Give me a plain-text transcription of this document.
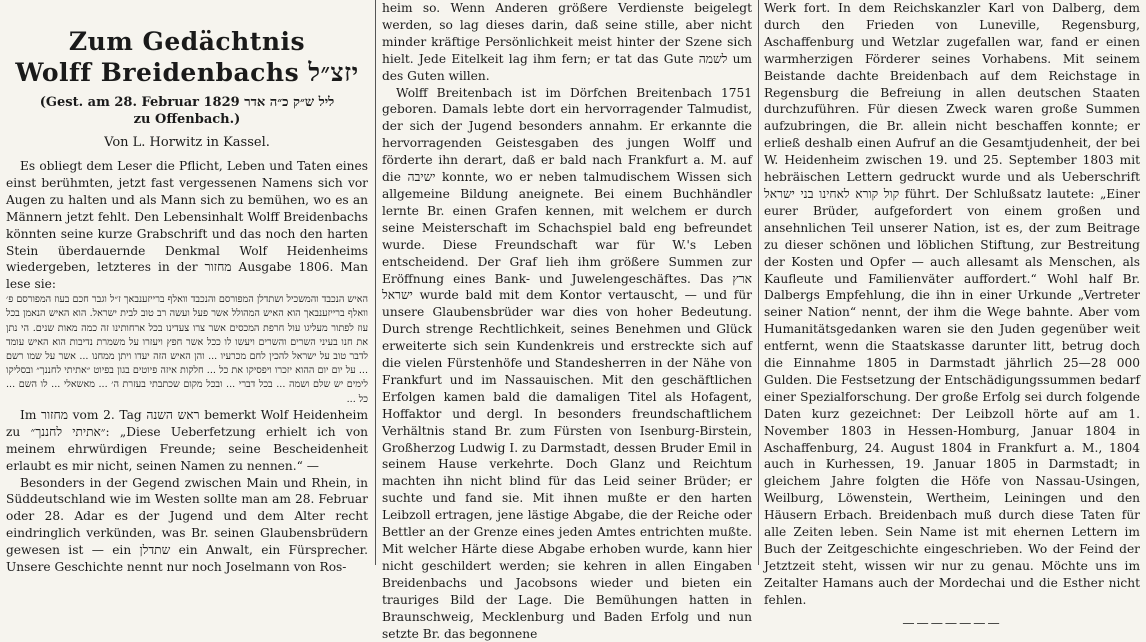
Zum Gedächtnis
Wolff Breidenbachs יזצ״ל
(Gest. am 28. Februar 1829 ליל ש״ק כ״ה אדר
zu Offenbach.)
Von L. Horwitz in Kassel.

Es obliegt dem Leser die Pflicht, Leben und Taten eines einst berühmten, jetzt fast vergessenen Namens sich vor Augen zu halten und als Mann sich zu bemühen, wo es an Männern jetzt fehlt. Den Lebensinhalt Wolff Breidenbachs könnten seine kurze Grabschrift und das noch den harten Stein überdauernde Denkmal Wolf Heidenheims wiedergeben, letzteres in der מחזור Ausgabe 1806. Man lese sie:

האיש הנכבד והמשכיל ושתדלן המפורסם והנכבד וואלף ברייזענבאך ז״ל וגבר חכם בעוז המפורסם פ׳ וואלף ברייזענבאך הוא האיש המהולל אשר פעל ועשה רב טוב לבית ישראל. הוא האיש הנאמן בכל עוז לפתור מעליגו עול חרפת המכסים אשר צרו צעדינו בכל ארחותינו זה כמה מאות שנים. הי נתן את חנו בעיני השרים והשרים ויעשו לו ככל אשר חפץ ויעזרו על משמרת נדיבות הוא האיש עומד לדבר טוב על ישראל להכין לחם מכרעיו ... והן האיש הזה יעדו ויתן ממחנו ... אשר על שמו רשם ... על יום יום ההוא יזכרו ויפסיקו את כל ... חלקות איזה פיוטים בגון בפיוט ״אתיתי לחננך״ ובסליקו לימים יש שלם ושמה ... בכל דברי ... ובכל מקום שכתבתי בעזרת ה׳ ... מאשאלי ... לו השם ... כל ...

Im מחזור vom 2. Tag ראש השנה bemerkt Wolf Heidenheim zu ״אתיתי לחננך״: „Diese Ueberfetzung erhielt ich von meinem ehrwürdigen Freunde; seine Bescheidenheit erlaubt es mir nicht, seinen Namen zu nennen.“ —

Besonders in der Gegend zwischen Main und Rhein, in Süddeutschland wie im Westen sollte man am 28. Februar oder 28. Adar es der Jugend und dem Alter recht eindringlich verkünden, was Br. seinen Glaubensbrüdern gewesen ist — ein שתדלן ein Anwalt, ein Fürsprecher. Unsere Geschichte nennt nur noch Joselmann von Ros-

heim so. Wenn Anderen größere Verdienste beigelegt werden, so lag dieses darin, daß seine stille, aber nicht minder kräftige Persönlichkeit meist hinter der Szene sich hielt. Jede Eitelkeit lag ihm fern; er tat das Gute לשמה um des Guten willen.

Wolff Breitenbach ist im Dörfchen Breitenbach 1751 geboren. Damals lebte dort ein hervorragender Talmudist, der sich der Jugend besonders annahm. Er erkannte die hervorragenden Geistesgaben des jungen Wolff und förderte ihn derart, daß er bald nach Frankfurt a. M. auf die ישיבה konnte, wo er neben talmudischem Wissen sich allgemeine Bildung aneignete. Bei einem Buchhändler lernte Br. einen Grafen kennen, mit welchem er durch seine Meisterschaft im Schachspiel bald eng befreundet wurde. Diese Freundschaft war für W.'s Leben entscheidend. Der Graf lieh ihm größere Summen zur Eröffnung eines Bank- und Juwelengeschäftes. Das ארץ ישראל wurde bald mit dem Kontor vertauscht, — und für unsere Glaubensbrüder war dies von hoher Bedeutung. Durch strenge Rechtlichkeit, seines Benehmen und Glück erweiterte sich sein Kundenkreis und erstreckte sich auf die vielen Fürstenhöfe und Standesherren in der Nähe von Frankfurt und im Nassauischen. Mit den geschäftlichen Erfolgen kamen bald die damaligen Titel als Hofagent, Hoffaktor und dergl. In besonders freundschaftlichem Verhältnis stand Br. zum Fürsten von Isenburg-Birstein, Großherzog Ludwig I. zu Darmstadt, dessen Bruder Emil in seinem Hause verkehrte. Doch Glanz und Reichtum machten ihn nicht blind für das Leid seiner Brüder; er suchte und fand sie. Mit ihnen mußte er den harten Leibzoll ertragen, jene lästige Abgabe, die der Reiche oder Bettler an der Grenze eines jeden Amtes entrichten mußte. Mit welcher Härte diese Abgabe erhoben wurde, kann hier nicht geschildert werden; sie kehren in allen Eingaben Breidenbachs und Jacobsons wieder und bieten ein trauriges Bild der Lage. Die Bemühungen hatten in Braunschweig, Mecklenburg und Baden Erfolg und nun setzte Br. das begonnene

Werk fort. In dem Reichskanzler Karl von Dalberg, dem durch den Frieden von Luneville, Regensburg, Aschaffenburg und Wetzlar zugefallen war, fand er einen warmherzigen Förderer seines Vorhabens. Mit seinem Beistande dachte Breidenbach auf dem Reichstage in Regensburg die Befreiung in allen deutschen Staaten durchzuführen. Für diesen Zweck waren große Summen aufzubringen, die Br. allein nicht beschaffen konnte; er erließ deshalb einen Aufruf an die Gesamtjudenheit, der bei W. Heidenheim zwischen 19. und 25. September 1803 mit hebräischen Lettern gedruckt wurde und als Ueberschrift קול קורא לאחינו בני ישראל führt. Der Schlußsatz lautete: „Einer eurer Brüder, aufgefordert von einem großen und ansehnlichen Teil unserer Nation, ist es, der zum Beitrage zu dieser schönen und löblichen Stiftung, zur Bestreitung der Kosten und Opfer — auch allesamt als Menschen, als Kaufleute und Familienväter auffordert.“ Wohl half Br. Dalbergs Empfehlung, die ihn in einer Urkunde „Vertreter seiner Nation“ nennt, der ihm die Wege bahnte. Aber vom Humanitätsgedanken waren sie den Juden gegenüber weit entfernt, wenn die Staatskasse darunter litt, betrug doch die Einnahme 1805 in Darmstadt jährlich 25—28 000 Gulden. Die Festsetzung der Entschädigungssummen bedarf einer Spezialforschung. Der große Erfolg sei durch folgende Daten kurz gezeichnet: Der Leibzoll hörte auf am 1. November 1803 in Hessen-Homburg, Januar 1804 in Aschaffenburg, 24. August 1804 in Frankfurt a. M., 1804 auch in Kurhessen, 19. Januar 1805 in Darmstadt; in gleichem Jahre folgten die Höfe von Nassau-Usingen, Weilburg, Löwenstein, Wertheim, Leiningen und den Häusern Erbach. Breidenbach muß durch diese Taten für alle Zeiten leben. Sein Name ist mit ehernen Lettern im Buch der Zeitgeschichte eingeschrieben. Wo der Feind der Jetztzeit steht, wissen wir nur zu genau. Möchte uns im Zeitalter Hamans auch der Mordechai und die Esther nicht fehlen.

———————
